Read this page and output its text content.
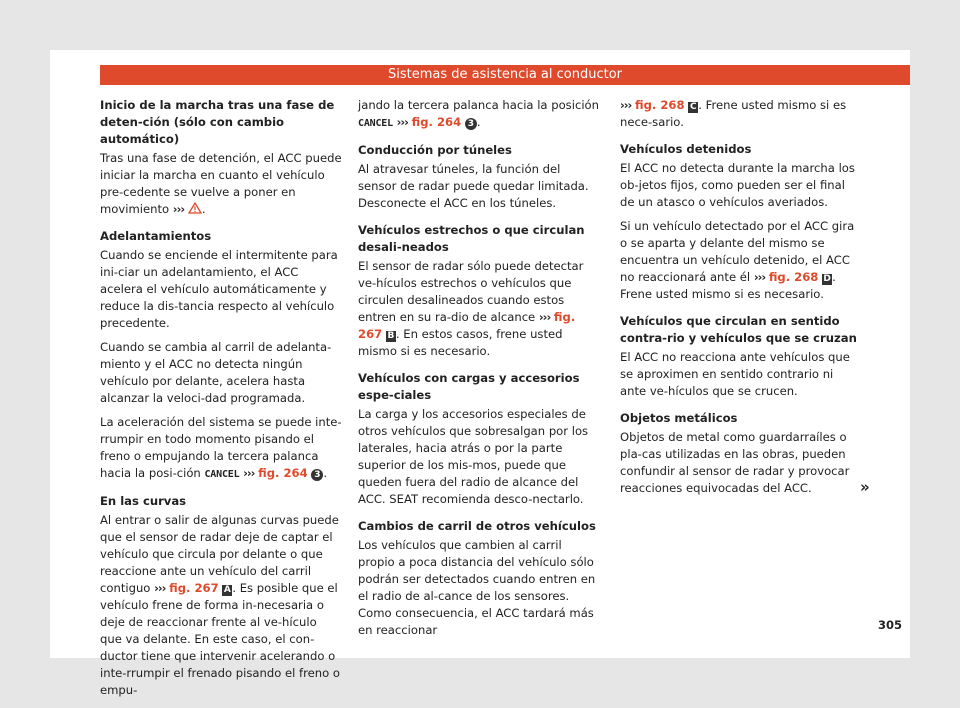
Sistemas de asistencia al conductor
Inicio de la marcha tras una fase de deten-ción (sólo con cambio automático)

Tras una fase de detención, el ACC puede iniciar la marcha en cuanto el vehículo pre-cedente se vuelve a poner en movimiento ››› .

Adelantamientos

Cuando se enciende el intermitente para ini-ciar un adelantamiento, el ACC acelera el vehículo automáticamente y reduce la dis-tancia respecto al vehículo precedente.

Cuando se cambia al carril de adelanta-miento y el ACC no detecta ningún vehículo por delante, acelera hasta alcanzar la veloci-dad programada.

La aceleración del sistema se puede inte-rrumpir en todo momento pisando el freno o empujando la tercera palanca hacia la posi-ción CANCEL ››› fig. 264 3 .

En las curvas

Al entrar o salir de algunas curvas puede que el sensor de radar deje de captar el vehículo que circula por delante o que reaccione ante un vehículo del carril contiguo ››› fig. 267 A . Es posible que el vehículo frene de forma in-necesaria o deje de reaccionar frente al ve-hículo que va delante. En este caso, el con-ductor tiene que intervenir acelerando o inte-rrumpir el frenado pisando el freno o empu-

jando la tercera palanca hacia la posición CANCEL ››› fig. 264 3 .

Conducción por túneles

Al atravesar túneles, la función del sensor de radar puede quedar limitada. Desconecte el ACC en los túneles.

Vehículos estrechos o que circulan desali-neados

El sensor de radar sólo puede detectar ve-hículos estrechos o vehículos que circulen desalineados cuando estos entren en su ra-dio de alcance ››› fig. 267 B . En estos casos, frene usted mismo si es necesario.

Vehículos con cargas y accesorios espe-ciales

La carga y los accesorios especiales de otros vehículos que sobresalgan por los laterales, hacia atrás o por la parte superior de los mis-mos, puede que queden fuera del radio de alcance del ACC. SEAT recomienda desco-nectarlo.

Cambios de carril de otros vehículos

Los vehículos que cambien al carril propio a poca distancia del vehículo sólo podrán ser detectados cuando entren en el radio de al-cance de los sensores. Como consecuencia, el ACC tardará más en reaccionar

››› fig. 268 C . Frene usted mismo si es nece-sario.

Vehículos detenidos

El ACC no detecta durante la marcha los ob-jetos fijos, como pueden ser el final de un atasco o vehículos averiados.

Si un vehículo detectado por el ACC gira o se aparta y delante del mismo se encuentra un vehículo detenido, el ACC no reaccionará ante él ››› fig. 268 D. Frene usted mismo si es necesario.

Vehículos que circulan en sentido contra-rio y vehículos que se cruzan

El ACC no reacciona ante vehículos que se aproximen en sentido contrario ni ante ve-hículos que se crucen.

Objetos metálicos

Objetos de metal como guardarraíles o pla-cas utilizadas en las obras, pueden confundir al sensor de radar y provocar reacciones equivocadas del ACC.	»
305
